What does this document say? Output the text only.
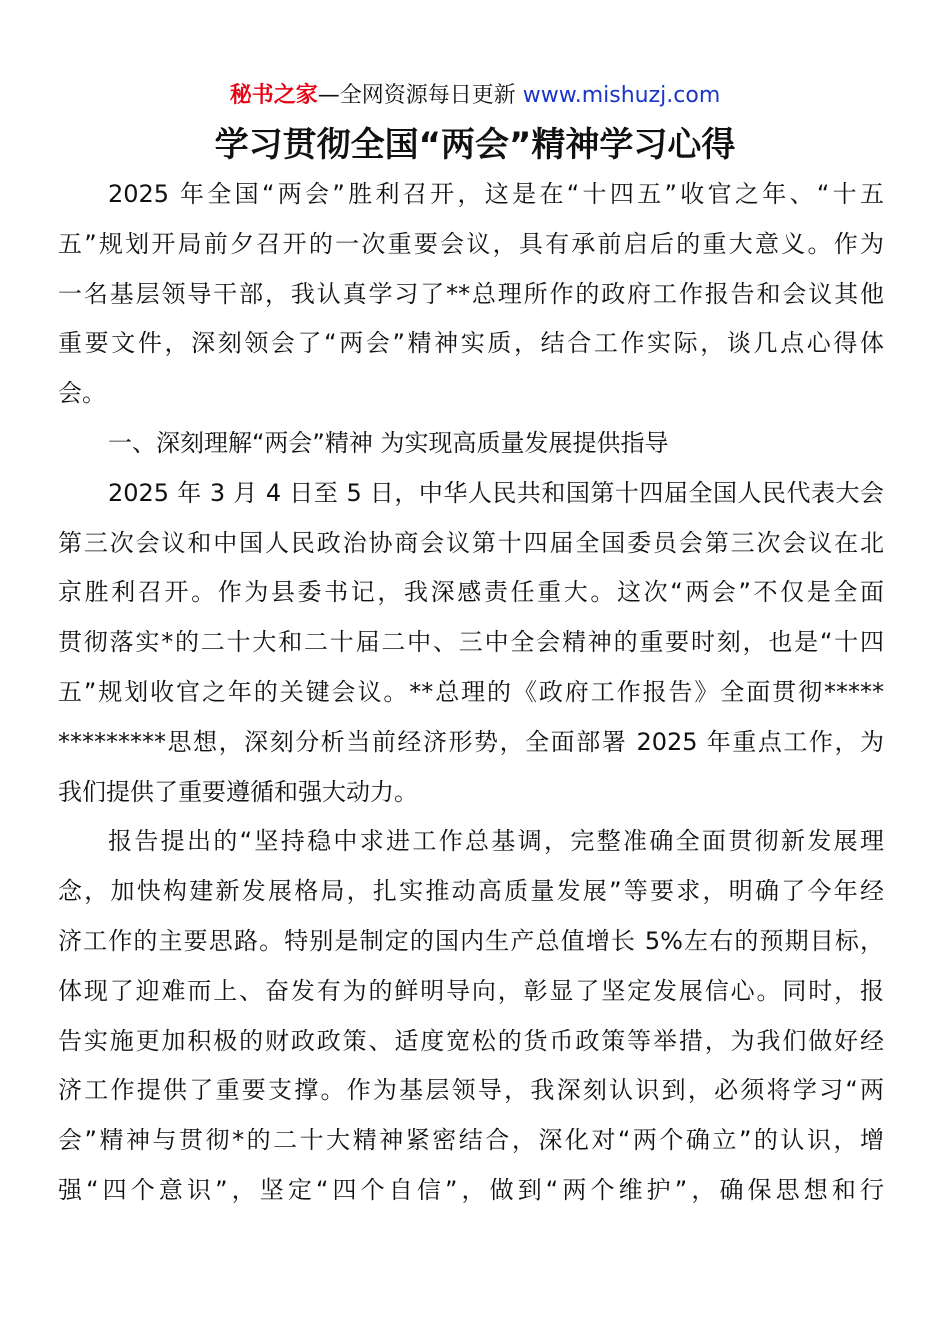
秘书之家—全网资源每日更新 www.mishuzj.com
学习贯彻全国“两会”精神学习心得
2025 年全国“两会”胜利召开，这是在“十四五”收官之年、“十五
五”规划开局前夕召开的一次重要会议，具有承前启后的重大意义。作为
一名基层领导干部，我认真学习了**总理所作的政府工作报告和会议其他
重要文件，深刻领会了“两会”精神实质，结合工作实际，谈几点心得体
会。
一、深刻理解“两会”精神 为实现高质量发展提供指导
2025 年 3 月 4 日至 5 日，中华人民共和国第十四届全国人民代表大会
第三次会议和中国人民政治协商会议第十四届全国委员会第三次会议在北
京胜利召开。作为县委书记，我深感责任重大。这次“两会”不仅是全面
贯彻落实*的二十大和二十届二中、三中全会精神的重要时刻，也是“十四
五”规划收官之年的关键会议。**总理的《政府工作报告》全面贯彻*****
*********思想，深刻分析当前经济形势，全面部署 2025 年重点工作，为
我们提供了重要遵循和强大动力。
报告提出的“坚持稳中求进工作总基调，完整准确全面贯彻新发展理
念，加快构建新发展格局，扎实推动高质量发展”等要求，明确了今年经
济工作的主要思路。特别是制定的国内生产总值增长 5%左右的预期目标，
体现了迎难而上、奋发有为的鲜明导向，彰显了坚定发展信心。同时，报
告实施更加积极的财政政策、适度宽松的货币政策等举措，为我们做好经
济工作提供了重要支撑。作为基层领导，我深刻认识到，必须将学习“两
会”精神与贯彻*的二十大精神紧密结合，深化对“两个确立”的认识，增
强“四个意识”，坚定“四个自信”，做到“两个维护”，确保思想和行
